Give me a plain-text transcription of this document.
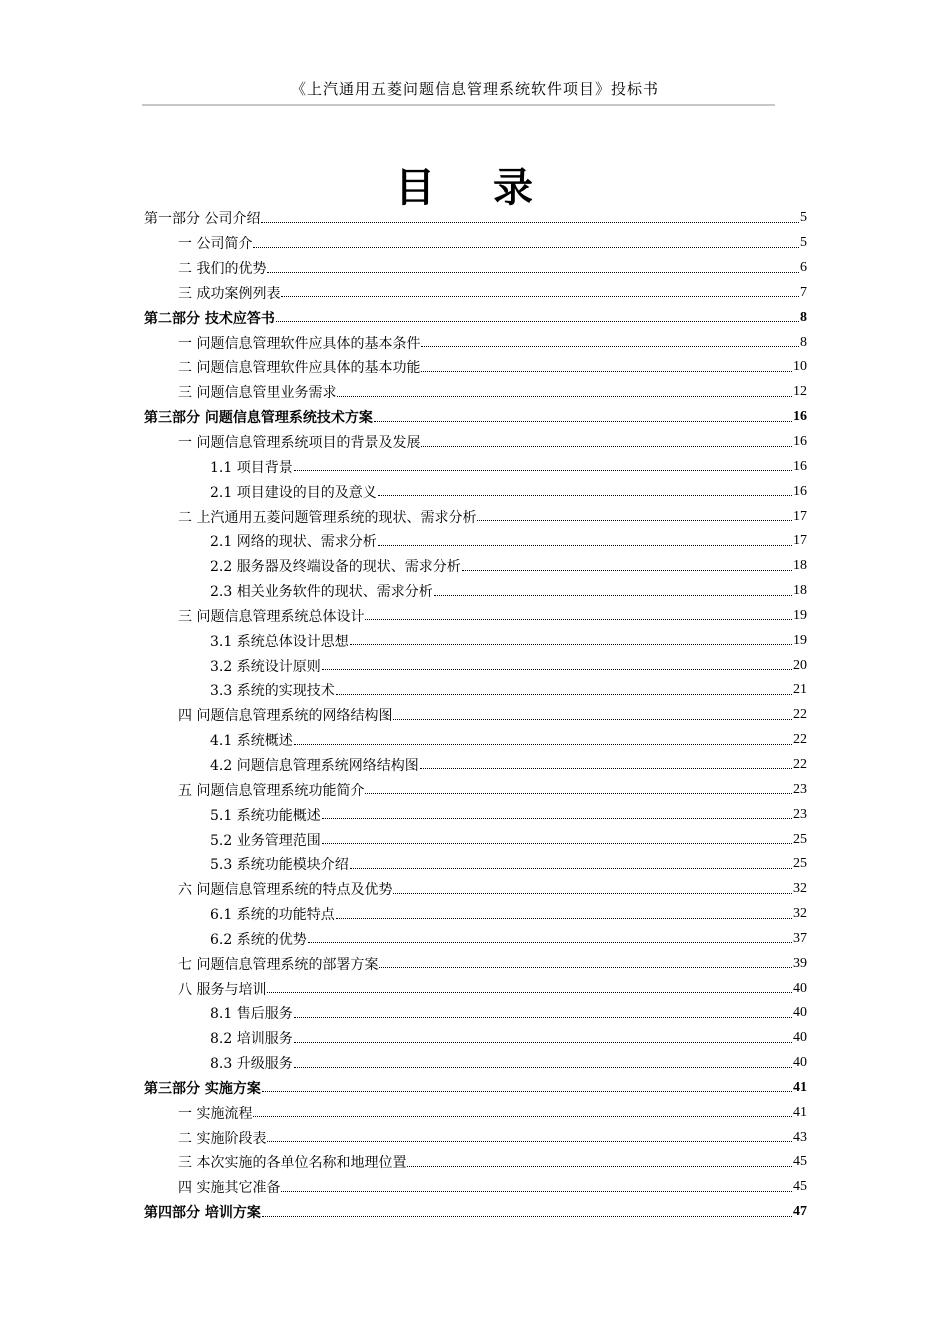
《上汽通用五菱问题信息管理系统软件项目》投标书
目 录
第一部分 公司介绍	5
一 公司简介	5
二 我们的优势	6
三 成功案例列表	7
第二部分 技术应答书	8
一 问题信息管理软件应具体的基本条件	8
二 问题信息管理软件应具体的基本功能	10
三 问题信息管里业务需求	12
第三部分 问题信息管理系统技术方案	16
一 问题信息管理系统项目的背景及发展	16
1.1 项目背景	16
2.1 项目建设的目的及意义	16
二 上汽通用五菱问题管理系统的现状、需求分析	17
2.1 网络的现状、需求分析	17
2.2 服务器及终端设备的现状、需求分析	18
2.3 相关业务软件的现状、需求分析	18
三 问题信息管理系统总体设计	19
3.1 系统总体设计思想	19
3.2 系统设计原则	20
3.3 系统的实现技术	21
四 问题信息管理系统的网络结构图	22
4.1 系统概述	22
4.2 问题信息管理系统网络结构图	22
五 问题信息管理系统功能简介	23
5.1 系统功能概述	23
5.2 业务管理范围	25
5.3 系统功能模块介绍	25
六 问题信息管理系统的特点及优势	32
6.1 系统的功能特点	32
6.2 系统的优势	37
七 问题信息管理系统的部署方案	39
八 服务与培训	40
8.1 售后服务	40
8.2 培训服务	40
8.3 升级服务	40
第三部分 实施方案	41
一 实施流程	41
二 实施阶段表	43
三 本次实施的各单位名称和地理位置	45
四 实施其它准备	45
第四部分 培训方案	47
